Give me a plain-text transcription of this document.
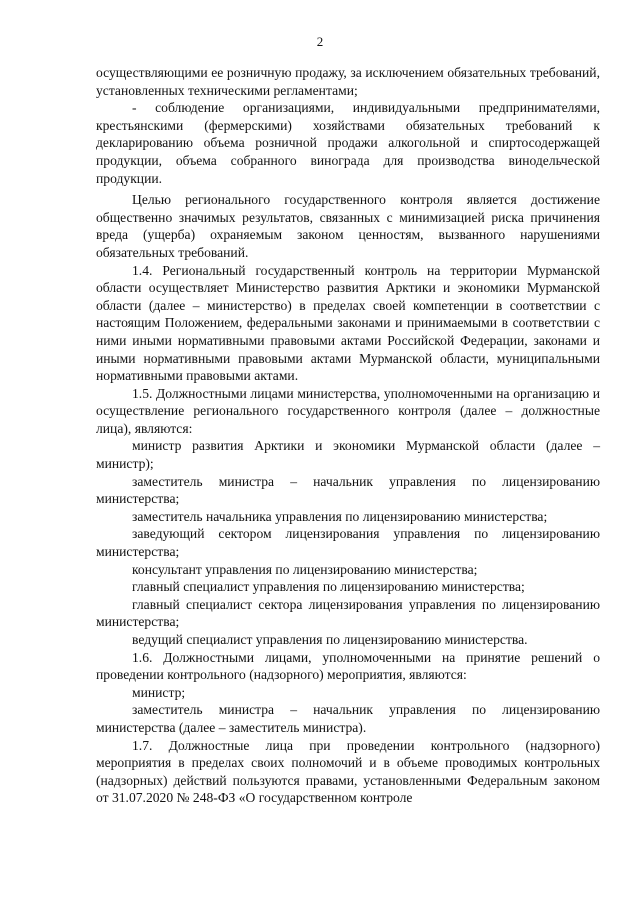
2

осуществляющими ее розничную продажу, за исключением обязательных требований, установленных техническими регламентами;

- соблюдение организациями, индивидуальными предпринимателями, крестьянскими (фермерскими) хозяйствами обязательных требований к декларированию объема розничной продажи алкогольной и спиртосодержащей продукции, объема собранного винограда для производства винодельческой продукции.

Целью регионального государственного контроля является достижение общественно значимых результатов, связанных с минимизацией риска причинения вреда (ущерба) охраняемым законом ценностям, вызванного нарушениями обязательных требований.

1.4. Региональный государственный контроль на территории Мурманской области осуществляет Министерство развития Арктики и экономики Мурманской области (далее – министерство) в пределах своей компетенции в соответствии с настоящим Положением, федеральными законами и принимаемыми в соответствии с ними иными нормативными правовыми актами Российской Федерации, законами и иными нормативными правовыми актами Мурманской области, муниципальными нормативными правовыми актами.

1.5. Должностными лицами министерства, уполномоченными на организацию и осуществление регионального государственного контроля (далее – должностные лица), являются:

министр развития Арктики и экономики Мурманской области (далее – министр);

заместитель министра – начальник управления по лицензированию министерства;

заместитель начальника управления по лицензированию министерства;

заведующий сектором лицензирования управления по лицензированию министерства;

консультант управления по лицензированию министерства;

главный специалист управления по лицензированию министерства;

главный специалист сектора лицензирования управления по лицензированию министерства;

ведущий специалист управления по лицензированию министерства.

1.6. Должностными лицами, уполномоченными на принятие решений о проведении контрольного (надзорного) мероприятия, являются:

министр;

заместитель министра – начальник управления по лицензированию министерства (далее – заместитель министра).

1.7. Должностные лица при проведении контрольного (надзорного) мероприятия в пределах своих полномочий и в объеме проводимых контрольных (надзорных) действий пользуются правами, установленными Федеральным законом от 31.07.2020 № 248-ФЗ «О государственном контроле
